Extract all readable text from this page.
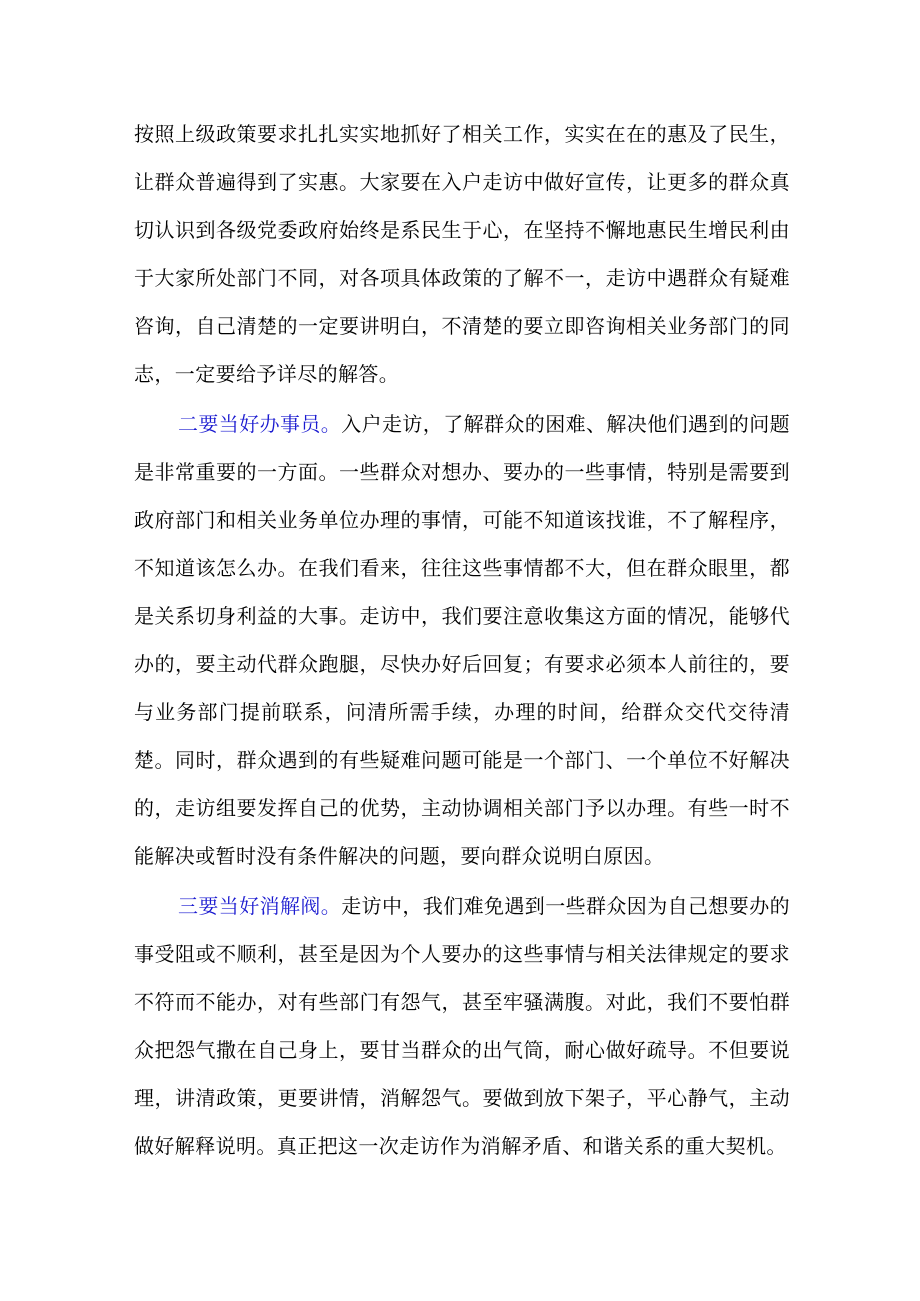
按照上级政策要求扎扎实实地抓好了相关工作，实实在在的惠及了民生，让群众普遍得到了实惠。大家要在入户走访中做好宣传，让更多的群众真切认识到各级党委政府始终是系民生于心，在坚持不懈地惠民生增民利由于大家所处部门不同，对各项具体政策的了解不一，走访中遇群众有疑难咨询，自己清楚的一定要讲明白，不清楚的要立即咨询相关业务部门的同志，一定要给予详尽的解答。

二要当好办事员。入户走访，了解群众的困难、解决他们遇到的问题是非常重要的一方面。一些群众对想办、要办的一些事情，特别是需要到政府部门和相关业务单位办理的事情，可能不知道该找谁，不了解程序，不知道该怎么办。在我们看来，往往这些事情都不大，但在群众眼里，都是关系切身利益的大事。走访中，我们要注意收集这方面的情况，能够代办的，要主动代群众跑腿，尽快办好后回复；有要求必须本人前往的，要与业务部门提前联系，问清所需手续，办理的时间，给群众交代交待清楚。同时，群众遇到的有些疑难问题可能是一个部门、一个单位不好解决的，走访组要发挥自己的优势，主动协调相关部门予以办理。有些一时不能解决或暂时没有条件解决的问题，要向群众说明白原因。

三要当好消解阀。走访中，我们难免遇到一些群众因为自己想要办的事受阻或不顺利，甚至是因为个人要办的这些事情与相关法律规定的要求不符而不能办，对有些部门有怨气，甚至牢骚满腹。对此，我们不要怕群众把怨气撒在自己身上，要甘当群众的出气筒，耐心做好疏导。不但要说理，讲清政策，更要讲情，消解怨气。要做到放下架子，平心静气，主动做好解释说明。真正把这一次走访作为消解矛盾、和谐关系的重大契机。
